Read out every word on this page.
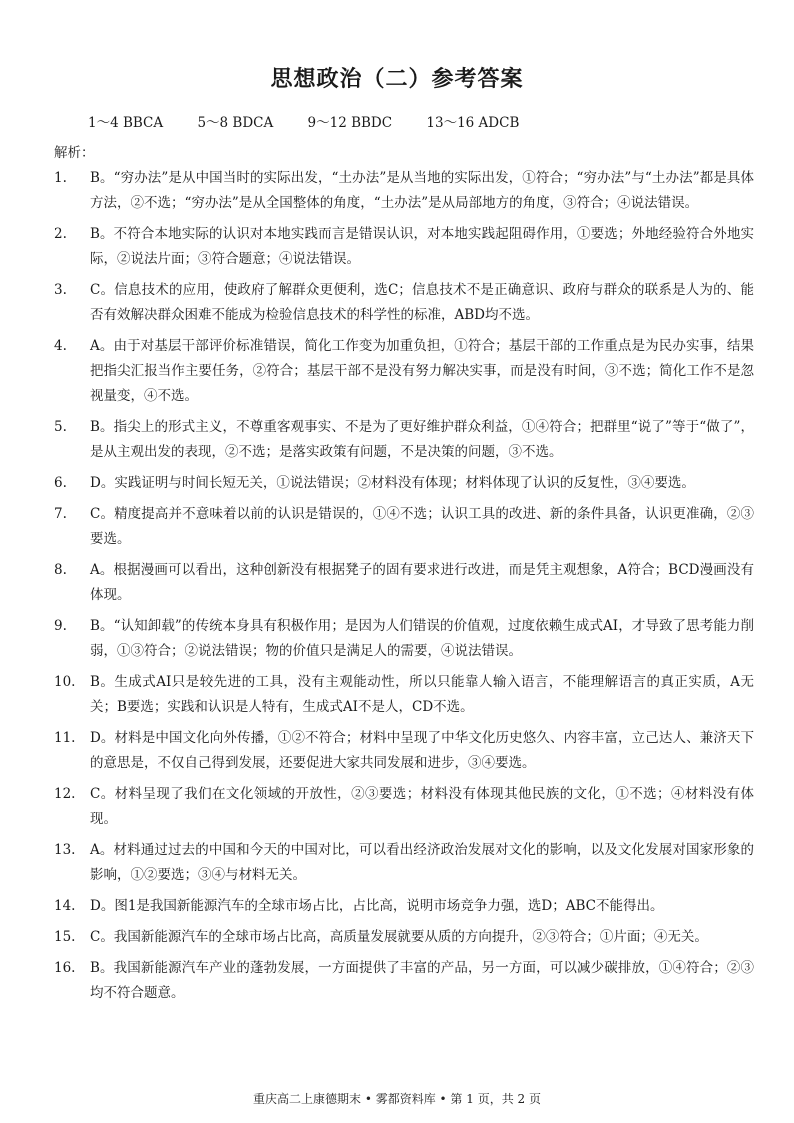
思想政治（二）参考答案
1～4 BBCA	5～8 BDCA	9～12 BBDC	13～16 ADCB
解析：
1. B。“穷办法”是从中国当时的实际出发，“土办法”是从当地的实际出发，①符合；“穷办法”与“土办法”都是具体方法，②不选；“穷办法”是从全国整体的角度，“土办法”是从局部地方的角度，③符合；④说法错误。
2. B。不符合本地实际的认识对本地实践而言是错误认识，对本地实践起阻碍作用，①要选；外地经验符合外地实际，②说法片面；③符合题意；④说法错误。
3. C。信息技术的应用，使政府了解群众更便利，选C；信息技术不是正确意识、政府与群众的联系是人为的、能否有效解决群众困难不能成为检验信息技术的科学性的标准，ABD均不选。
4. A。由于对基层干部评价标准错误，简化工作变为加重负担，①符合；基层干部的工作重点是为民办实事，结果把指尖汇报当作主要任务，②符合；基层干部不是没有努力解决实事，而是没有时间，③不选；简化工作不是忽视量变，④不选。
5. B。指尖上的形式主义，不尊重客观事实、不是为了更好维护群众利益，①④符合；把群里“说了”等于“做了”，是从主观出发的表现，②不选；是落实政策有问题，不是决策的问题，③不选。
6. D。实践证明与时间长短无关，①说法错误；②材料没有体现；材料体现了认识的反复性，③④要选。
7. C。精度提高并不意味着以前的认识是错误的，①④不选；认识工具的改进、新的条件具备，认识更准确，②③要选。
8. A。根据漫画可以看出，这种创新没有根据凳子的固有要求进行改进，而是凭主观想象，A符合；BCD漫画没有体现。
9. B。“认知卸载”的传统本身具有积极作用；是因为人们错误的价值观，过度依赖生成式AI，才导致了思考能力削弱，①③符合；②说法错误；物的价值只是满足人的需要，④说法错误。
10. B。生成式AI只是较先进的工具，没有主观能动性，所以只能靠人输入语言，不能理解语言的真正实质，A无关；B要选；实践和认识是人特有，生成式AI不是人，CD不选。
11. D。材料是中国文化向外传播，①②不符合；材料中呈现了中华文化历史悠久、内容丰富，立己达人、兼济天下的意思是，不仅自己得到发展，还要促进大家共同发展和进步，③④要选。
12. C。材料呈现了我们在文化领域的开放性，②③要选；材料没有体现其他民族的文化，①不选；④材料没有体现。
13. A。材料通过过去的中国和今天的中国对比，可以看出经济政治发展对文化的影响，以及文化发展对国家形象的影响，①②要选；③④与材料无关。
14. D。图1是我国新能源汽车的全球市场占比，占比高，说明市场竞争力强，选D；ABC不能得出。
15. C。我国新能源汽车的全球市场占比高，高质量发展就要从质的方向提升，②③符合；①片面；④无关。
16. B。我国新能源汽车产业的蓬勃发展，一方面提供了丰富的产品，另一方面，可以减少碳排放，①④符合；②③均不符合题意。
重庆高二上康德期末 • 雾都资料库 • 第 1 页，共 2 页
